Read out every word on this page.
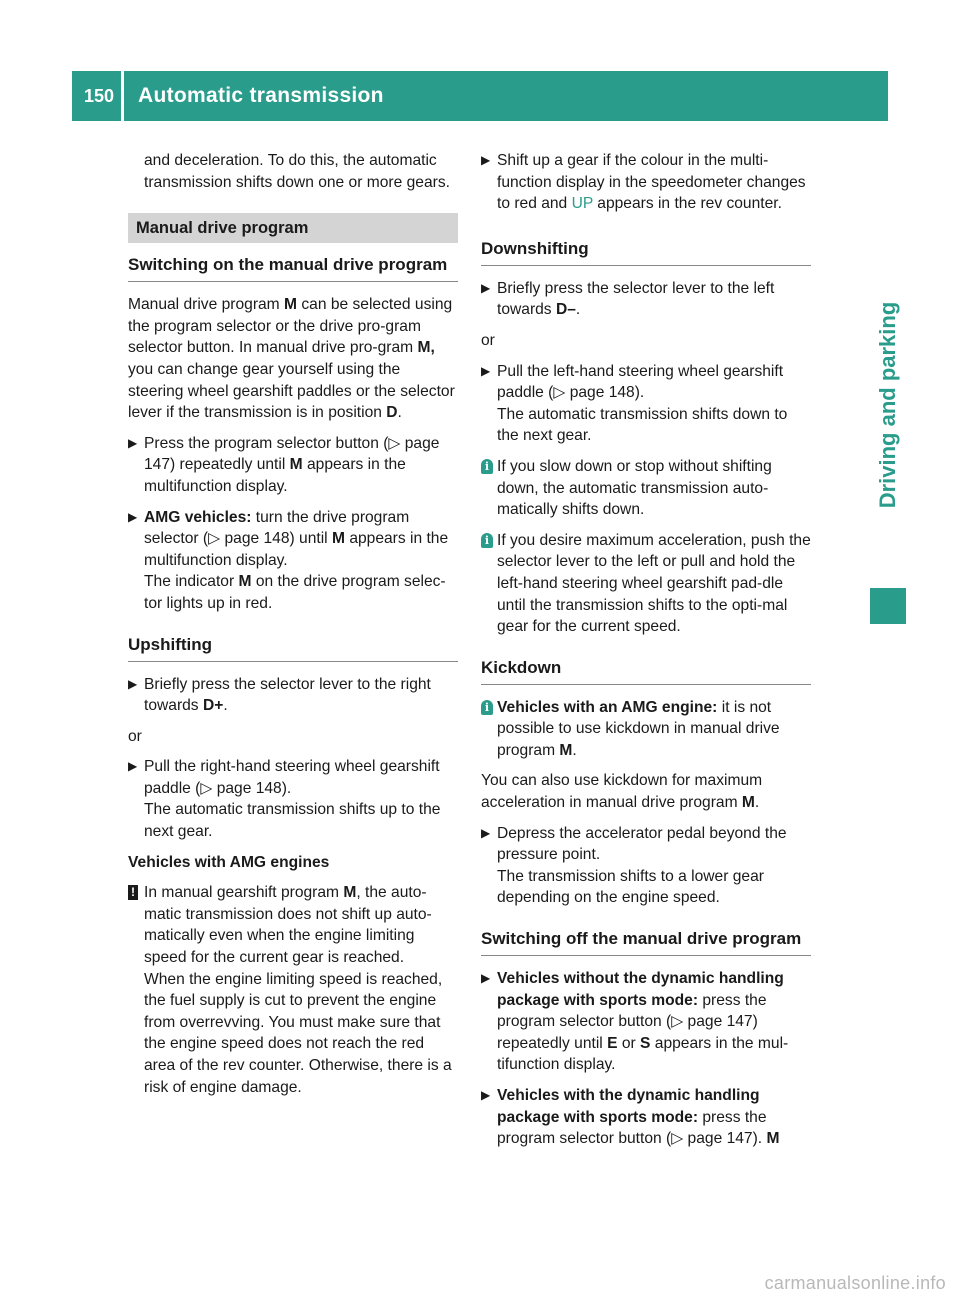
150	Automatic transmission
Driving and parking

and deceleration. To do this, the automatic transmission shifts down one or more gears.

Manual drive program
Switching on the manual drive program

Manual drive program M can be selected using the program selector or the drive pro-gram selector button. In manual drive pro-gram M, you can change gear yourself using the steering wheel gearshift paddles or the selector lever if the transmission is in position D.

▶ Press the program selector button (▷ page 147) repeatedly until M appears in the multifunction display.
▶ AMG vehicles: turn the drive program selector (▷ page 148) until M appears in the multifunction display.
The indicator M on the drive program selec-tor lights up in red.
Upshifting
▶ Briefly press the selector lever to the right towards D+.

or

▶ Pull the right-hand steering wheel gearshift paddle (▷ page 148).
The automatic transmission shifts up to the next gear.

Vehicles with AMG engines

! In manual gearshift program M, the auto-matic transmission does not shift up auto-matically even when the engine limiting speed for the current gear is reached.
When the engine limiting speed is reached, the fuel supply is cut to prevent the engine from overrevving. You must make sure that the engine speed does not reach the red area of the rev counter. Otherwise, there is a risk of engine damage.
▶ Shift up a gear if the colour in the multi-function display in the speedometer changes to red and UP appears in the rev counter.
Downshifting
▶ Briefly press the selector lever to the left towards D–.

or

▶ Pull the left-hand steering wheel gearshift paddle (▷ page 148).
The automatic transmission shifts down to the next gear.
i If you slow down or stop without shifting down, the automatic transmission auto-matically shifts down.
i If you desire maximum acceleration, push the selector lever to the left or pull and hold the left-hand steering wheel gearshift pad-dle until the transmission shifts to the opti-mal gear for the current speed.
Kickdown
i Vehicles with an AMG engine: it is not possible to use kickdown in manual drive program M.

You can also use kickdown for maximum acceleration in manual drive program M.

▶ Depress the accelerator pedal beyond the pressure point.
The transmission shifts to a lower gear depending on the engine speed.
Switching off the manual drive program
▶ Vehicles without the dynamic handling package with sports mode: press the program selector button (▷ page 147) repeatedly until E or S appears in the mul-tifunction display.
▶ Vehicles with the dynamic handling package with sports mode: press the program selector button (▷ page 147). M
carmanualsonline.info
